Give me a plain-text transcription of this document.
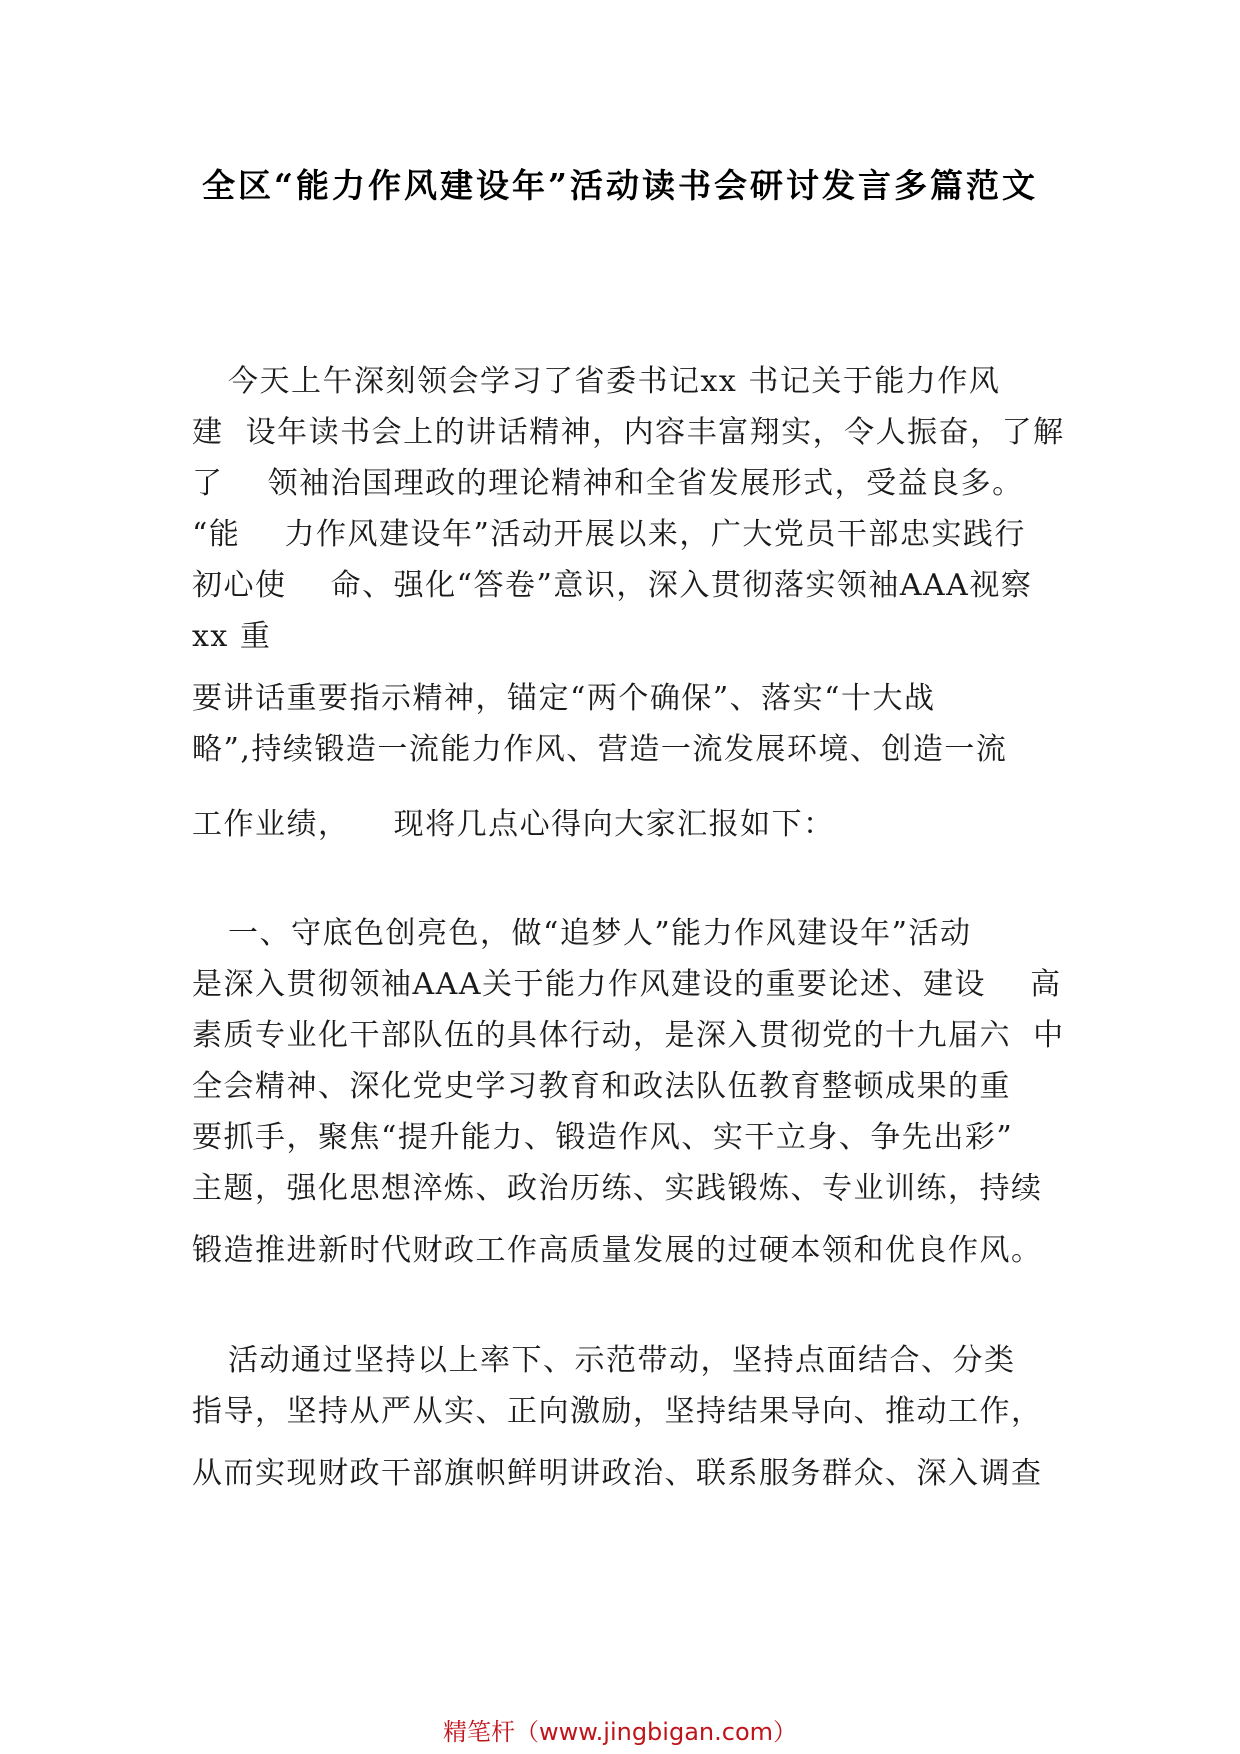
全区“能力作风建设年”活动读书会研讨发言多篇范文
今天上午深刻领会学习了省委书记xx 书记关于能力作风
建  设年读书会上的讲话精神，内容丰富翔实，令人振奋，了解
了    领袖治国理政的理论精神和全省发展形式，受益良多。
“能    力作风建设年”活动开展以来，广大党员干部忠实践行
初心使    命、强化“答卷”意识，深入贯彻落实领袖AAA视察
xx 重
要讲话重要指示精神，锚定“两个确保”、落实“十大战
略”,持续锻造一流能力作风、营造一流发展环境、创造一流
工作业绩，    现将几点心得向大家汇报如下：
一、守底色创亮色，做“追梦人”能力作风建设年”活动
是深入贯彻领袖AAA关于能力作风建设的重要论述、建设    高
素质专业化干部队伍的具体行动，是深入贯彻党的十九届六  中
全会精神、深化党史学习教育和政法队伍教育整顿成果的重
要抓手，聚焦“提升能力、锻造作风、实干立身、争先出彩”
主题，强化思想淬炼、政治历练、实践锻炼、专业训练，持续
锻造推进新时代财政工作高质量发展的过硬本领和优良作风。
活动通过坚持以上率下、示范带动，坚持点面结合、分类
指导，坚持从严从实、正向激励，坚持结果导向、推动工作，
从而实现财政干部旗帜鲜明讲政治、联系服务群众、深入调查
精笔杆（www.jingbigan.com）
